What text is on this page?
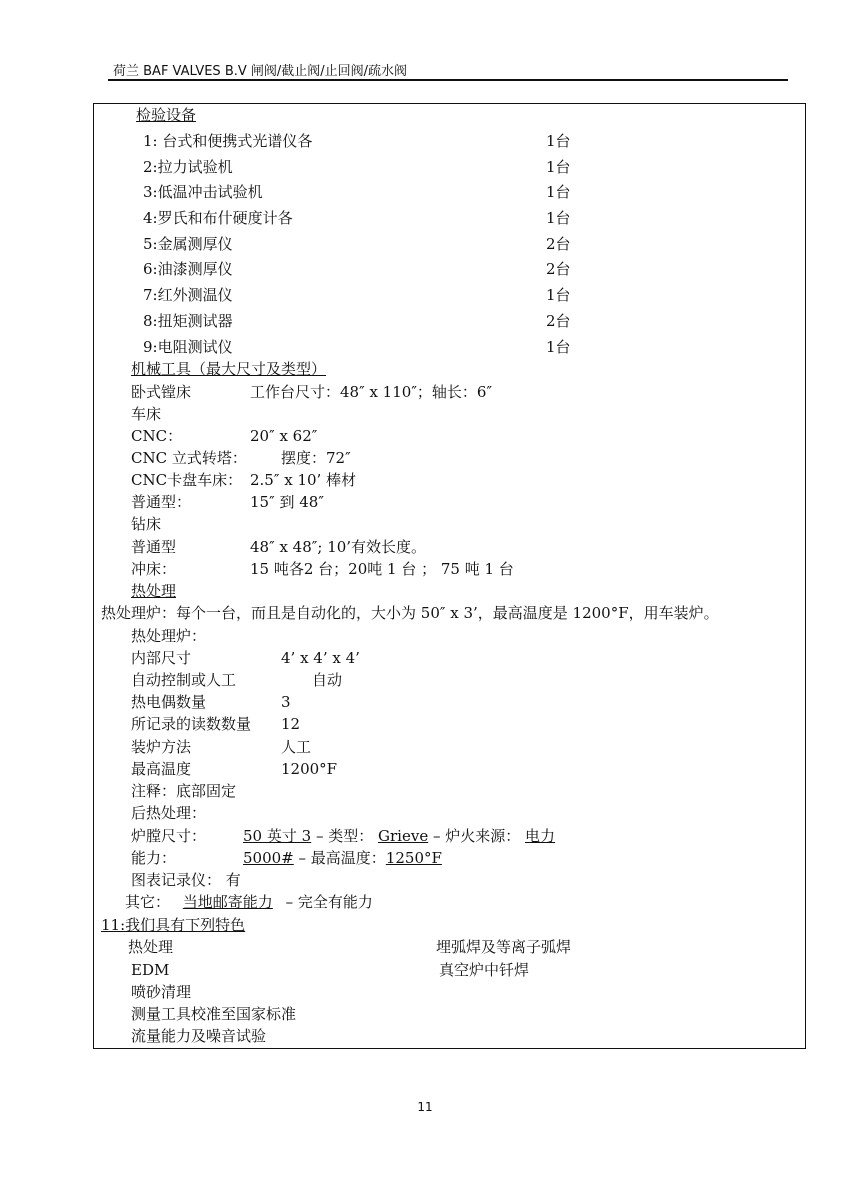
荷兰 BAF VALVES B.V 闸阀/截止阀/止回阀/疏水阀
检验设备
1: 台式和便携式光谱仪各	1台
2:拉力试验机	1台
3:低温冲击试验机	1台
4:罗氏和布什硬度计各	1台
5:金属测厚仪	2台
6:油漆测厚仪	2台
7:红外测温仪	1台
8:扭矩测试器	2台
9:电阻测试仪	1台
机械工具（最大尺寸及类型）
卧式镗床	工作台尺寸：48″ x 110″；轴长：6″
车床
CNC：	20″ x 62″
CNC 立式转塔： 摆度：72″
CNC卡盘车床： 2.5″ x 10’ 棒材
普通型：	15″ 到 48″
钻床
普通型	48″ x 48″; 10’有效长度。
冲床：	15 吨各2 台；20吨 1 台 ； 75 吨 1 台
热处理
热处理炉：每个一台，而且是自动化的，大小为 50″ x 3’，最高温度是 1200°F，用车装炉。
热处理炉：
内部尺寸	4’ x 4’ x 4’
自动控制或人工	自动
热电偶数量	3
所记录的读数数量 12
装炉方法	人工
最高温度	1200°F
注释：底部固定
后热处理：
炉膛尺寸： 50 英寸 3 – 类型： Grieve – 炉火来源： 电力
能力：	5000# – 最高温度：1250°F
图表记录仪： 有
其它： 当地邮寄能力 – 完全有能力
11:我们具有下列特色
热处理	埋弧焊及等离子弧焊
EDM	真空炉中钎焊
喷砂清理
测量工具校准至国家标准
流量能力及噪音试验
11
